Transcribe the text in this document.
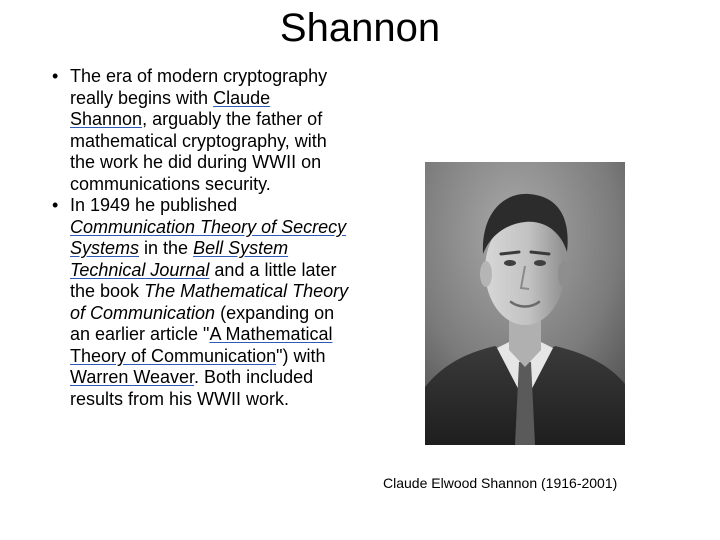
Shannon

• The era of modern cryptography really begins with Claude Shannon, arguably the father of mathematical cryptography, with the work he did during WWII on communications security.

• In 1949 he published Communication Theory of Secrecy Systems in the Bell System Technical Journal and a little later the book The Mathematical Theory of Communication (expanding on an earlier article "A Mathematical Theory of Communication") with Warren Weaver. Both included results from his WWII work.

Claude Elwood Shannon (1916-2001)
